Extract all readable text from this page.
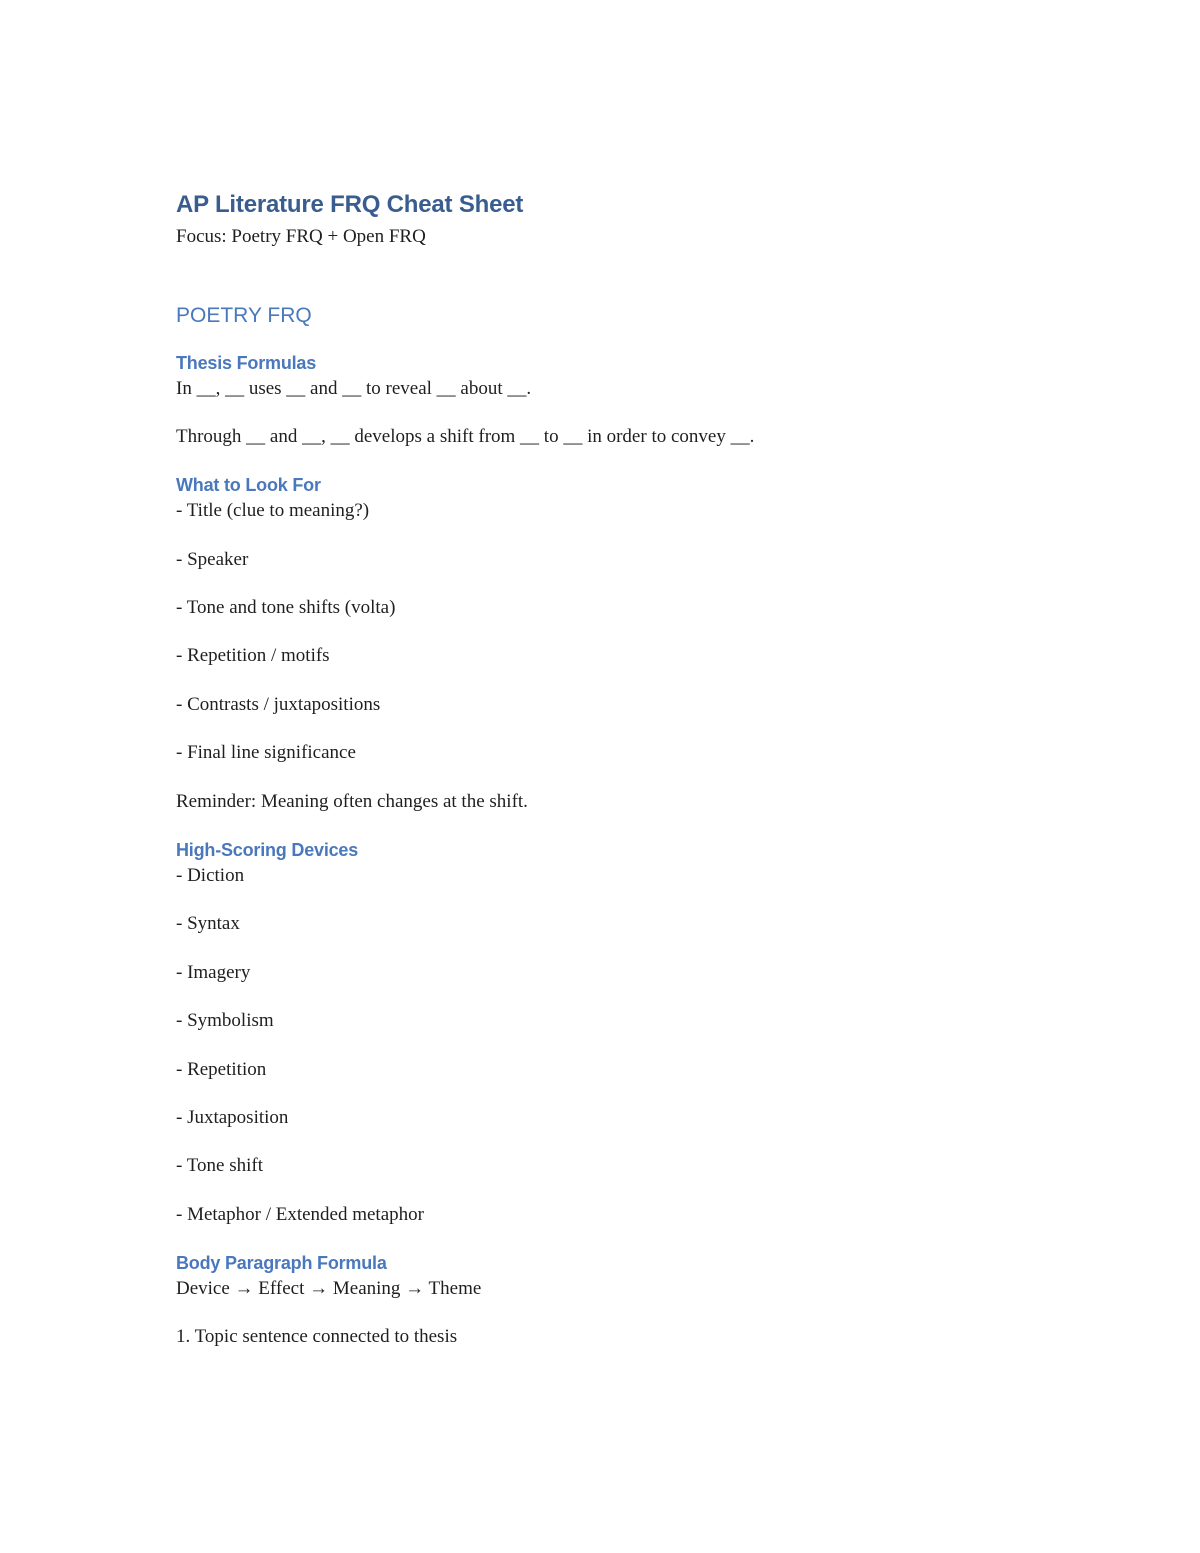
AP Literature FRQ Cheat Sheet
Focus: Poetry FRQ + Open FRQ
POETRY FRQ
Thesis Formulas
In __, __ uses __ and __ to reveal __ about __.
Through __ and __, __ develops a shift from __ to __ in order to convey __.
What to Look For
- Title (clue to meaning?)
- Speaker
- Tone and tone shifts (volta)
- Repetition / motifs
- Contrasts / juxtapositions
- Final line significance
Reminder: Meaning often changes at the shift.
High-Scoring Devices
- Diction
- Syntax
- Imagery
- Symbolism
- Repetition
- Juxtaposition
- Tone shift
- Metaphor / Extended metaphor
Body Paragraph Formula
Device → Effect → Meaning → Theme
1. Topic sentence connected to thesis
